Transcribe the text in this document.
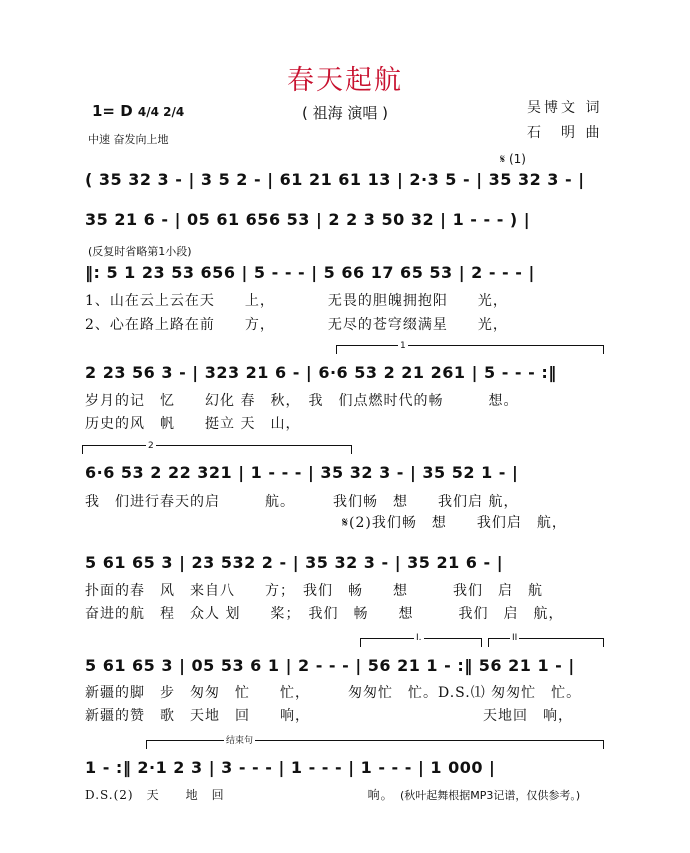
春天起航
( 祖海 演唱 )	吴博文 词
石　明 曲
1= D 4/4 2/4
中速 奋发向上地
𝄋 (1)
( 35 32 3 - | 3 5 2 - | 61 21 61 13 | 2·3 5 - | 35 32 3 - |
35 21 6 - | 05 61 656 53 | 2 2 3 50 32 | 1 - - - ) |
(反复时省略第1小段)
‖: 5 1 23 53 656 | 5 - - - | 5 66 17 65 53 | 2 - - - |
1、山在云上云在天　　上，　　　　无畏的胆魄拥抱阳　　光，
2、心在路上路在前　　方，　　　　无尽的苍穹缀满星　　光，
1
2 23 56 3 - | 323 21 6 - | 6·6 53 2 21 261 | 5 - - - :‖
岁月的记　忆　　幻化 春　秋，　我　们点燃时代的畅　　　想。
历史的风　帆　　挺立 天　山，
2
6·6 53 2 22 321 | 1 - - - | 35 32 3 - | 35 52 1 - |
我　们进行春天的启　　　航。　　　我们畅　想　　我们启 航，
𝄋(2)我们畅　想　　我们启　航，
5 61 65 3 | 23 532 2 - | 35 32 3 - | 35 21 6 - |
扑面的春　风　来自八　　方；　我们　畅　　想　　　我们　启　航
奋进的航　程　众人 划　　桨；　我们　畅　　想　　　我们　启　航，
I.	II
5 61 65 3 | 05 53 6 1 | 2 - - - | 56 21 1 - :‖ 56 21 1 - |
新疆的脚　步　匆匆　忙　　忙，　　　匆匆忙　忙。D.S.⑴ 匆匆忙　忙。
新疆的赞　歌　天地　回　　响，　　　　　　　　　　　　天地回　响，
结束句
1 - :‖ 2·1 2 3 | 3 - - - | 1 - - - | 1 - - - | 1 000 |
D.S.(2)　天　　地　回　　　　　　　　　　　响。 (秋叶起舞根据MP3记谱，仅供参考。)
